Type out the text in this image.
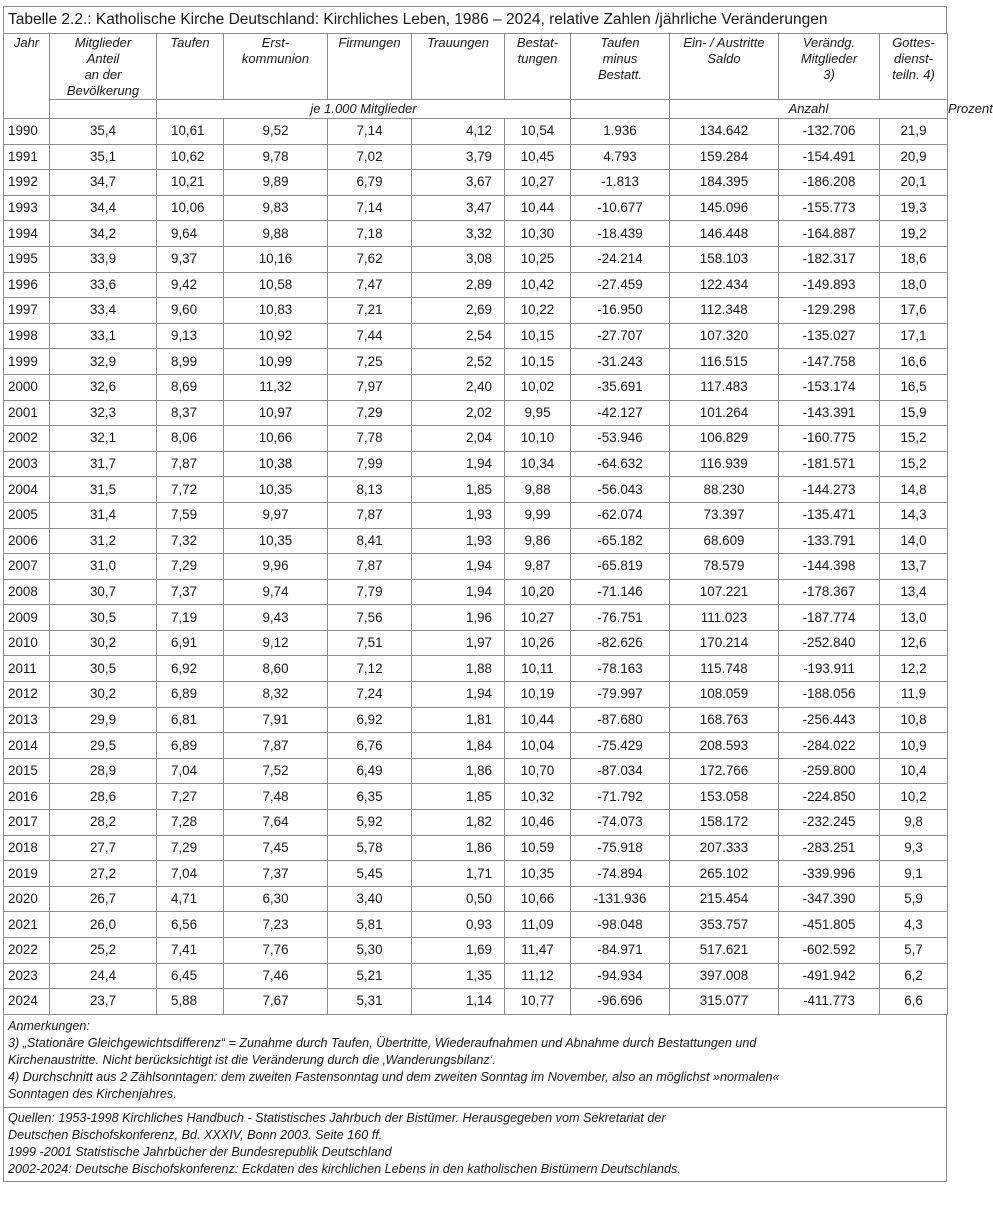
Tabelle 2.2.: Katholische Kirche Deutschland: Kirchliches Leben, 1986 – 2024, relative Zahlen /jährliche Veränderungen
Jahr	Mitglieder
Anteil
an der
Bevölkerung	Taufen	Erst-
kommunion	Firmungen	Trauungen	Bestat-
tungen	Taufen
minus
Bestatt.	Ein- / Austritte
Saldo	Verändg.
Mitglieder
3)	Gottes-
dienst-
teiln. 4)	

		je 1.000 Mitglieder						Anzahl			Prozent
1990	35,4	10,61	9,52	7,14	4,12	10,54	1.936	134.642	-132.706	21,9	
1991	35,1	10,62	9,78	7,02	3,79	10,45	4.793	159.284	-154.491	20,9	
1992	34,7	10,21	9,89	6,79	3,67	10,27	-1.813	184.395	-186.208	20,1	
1993	34,4	10,06	9,83	7,14	3,47	10,44	-10.677	145.096	-155.773	19,3	
1994	34,2	9,64	9,88	7,18	3,32	10,30	-18.439	146.448	-164.887	19,2	
1995	33,9	9,37	10,16	7,62	3,08	10,25	-24.214	158.103	-182.317	18,6	
1996	33,6	9,42	10,58	7,47	2,89	10,42	-27.459	122.434	-149.893	18,0	
1997	33,4	9,60	10,83	7,21	2,69	10,22	-16.950	112.348	-129.298	17,6	
1998	33,1	9,13	10,92	7,44	2,54	10,15	-27.707	107.320	-135.027	17,1	
1999	32,9	8,99	10,99	7,25	2,52	10,15	-31.243	116.515	-147.758	16,6	
2000	32,6	8,69	11,32	7,97	2,40	10,02	-35.691	117.483	-153.174	16,5	
2001	32,3	8,37	10,97	7,29	2,02	9,95	-42.127	101.264	-143.391	15,9	
2002	32,1	8,06	10,66	7,78	2,04	10,10	-53.946	106.829	-160.775	15,2	
2003	31,7	7,87	10,38	7,99	1,94	10,34	-64.632	116.939	-181.571	15,2	
2004	31,5	7,72	10,35	8,13	1,85	9,88	-56.043	88.230	-144.273	14,8	
2005	31,4	7,59	9,97	7,87	1,93	9,99	-62.074	73.397	-135.471	14,3	
2006	31,2	7,32	10,35	8,41	1,93	9,86	-65.182	68.609	-133.791	14,0	
2007	31,0	7,29	9,96	7,87	1,94	9,87	-65.819	78.579	-144.398	13,7	
2008	30,7	7,37	9,74	7,79	1,94	10,20	-71.146	107.221	-178.367	13,4	
2009	30,5	7,19	9,43	7,56	1,96	10,27	-76.751	111.023	-187.774	13,0	
2010	30,2	6,91	9,12	7,51	1,97	10,26	-82.626	170.214	-252.840	12,6	
2011	30,5	6,92	8,60	7,12	1,88	10,11	-78.163	115.748	-193.911	12,2	
2012	30,2	6,89	8,32	7,24	1,94	10,19	-79.997	108.059	-188.056	11,9	
2013	29,9	6,81	7,91	6,92	1,81	10,44	-87.680	168.763	-256.443	10,8	
2014	29,5	6,89	7,87	6,76	1,84	10,04	-75.429	208.593	-284.022	10,9	
2015	28,9	7,04	7,52	6,49	1,86	10,70	-87.034	172.766	-259.800	10,4	
2016	28,6	7,27	7,48	6,35	1,85	10,32	-71.792	153.058	-224.850	10,2	
2017	28,2	7,28	7,64	5,92	1,82	10,46	-74.073	158.172	-232.245	9,8	
2018	27,7	7,29	7,45	5,78	1,86	10,59	-75.918	207.333	-283.251	9,3	
2019	27,2	7,04	7,37	5,45	1,71	10,35	-74.894	265.102	-339.996	9,1	
2020	26,7	4,71	6,30	3,40	0,50	10,66	-131.936	215.454	-347.390	5,9	
2021	26,0	6,56	7,23	5,81	0,93	11,09	-98.048	353.757	-451.805	4,3	
2022	25,2	7,41	7,76	5,30	1,69	11,47	-84.971	517.621	-602.592	5,7	
2023	24,4	6,45	7,46	5,21	1,35	11,12	-94.934	397.008	-491.942	6,2	
2024	23,7	5,88	7,67	5,31	1,14	10,77	-96.696	315.077	-411.773	6,6	
Anmerkungen:
3) „Stationäre Gleichgewichtsdifferenz“ = Zunahme durch Taufen, Übertritte, Wiederaufnahmen und Abnahme durch Bestattungen und
Kirchenaustritte. Nicht berücksichtigt ist die Veränderung durch die ‚Wanderungsbilanz‘.
4) Durchschnitt aus 2 Zählsonntagen: dem zweiten Fastensonntag und dem zweiten Sonntag im November, also an möglichst »normalen«
Sonntagen des Kirchenjahres.
Quellen: 1953-1998 Kirchliches Handbuch - Statistisches Jahrbuch der Bistümer. Herausgegeben vom Sekretariat der
Deutschen Bischofskonferenz, Bd. XXXIV, Bonn 2003. Seite 160 ff.
1999 -2001 Statistische Jahrbücher der Bundesrepublik Deutschland
2002-2024: Deutsche Bischofskonferenz: Eckdaten des kirchlichen Lebens in den katholischen Bistümern Deutschlands.
